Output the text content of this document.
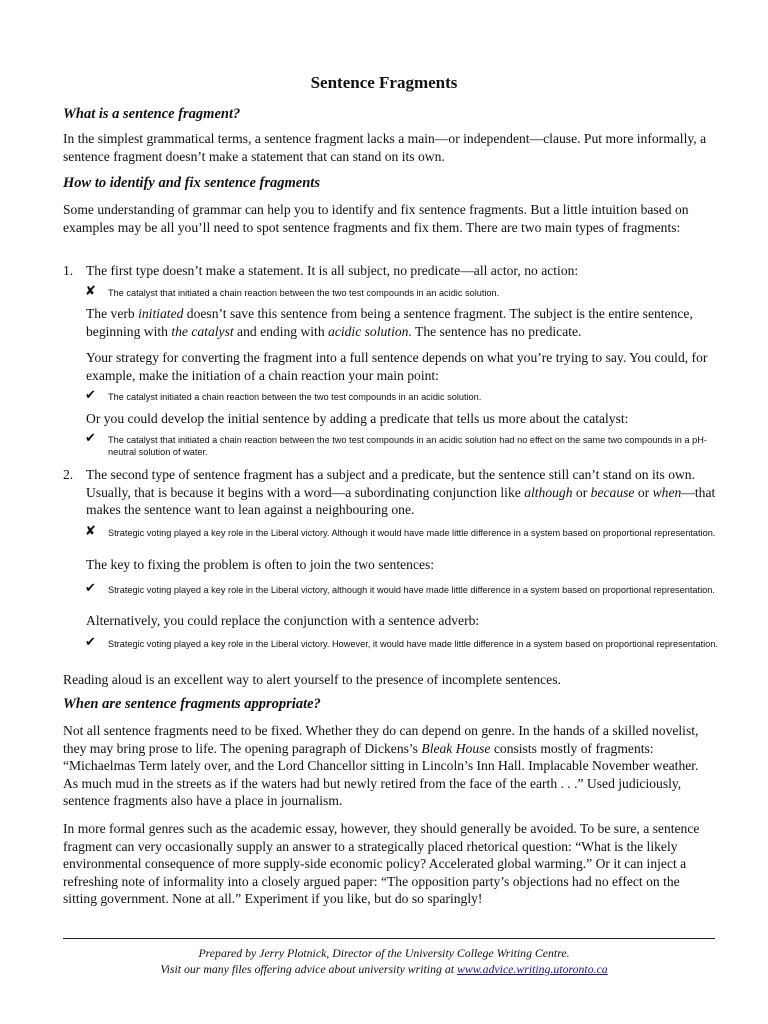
Sentence Fragments
What is a sentence fragment?

In the simplest grammatical terms, a sentence fragment lacks a main—or independent—clause. Put more informally, a sentence fragment doesn’t make a statement that can stand on its own.

How to identify and fix sentence fragments

Some understanding of grammar can help you to identify and fix sentence fragments. But a little intuition based on examples may be all you’ll need to spot sentence fragments and fix them. There are two main types of fragments:

1. The first type doesn’t make a statement. It is all subject, no predicate—all actor, no action:

✘ The catalyst that initiated a chain reaction between the two test compounds in an acidic solution.

The verb initiated doesn’t save this sentence from being a sentence fragment. The subject is the entire sentence, beginning with the catalyst and ending with acidic solution. The sentence has no predicate.

Your strategy for converting the fragment into a full sentence depends on what you’re trying to say. You could, for example, make the initiation of a chain reaction your main point:

✔ The catalyst initiated a chain reaction between the two test compounds in an acidic solution.

Or you could develop the initial sentence by adding a predicate that tells us more about the catalyst:

✔ The catalyst that initiated a chain reaction between the two test compounds in an acidic solution had no effect on the same two compounds in a pH-neutral solution of water.

2. The second type of sentence fragment has a subject and a predicate, but the sentence still can’t stand on its own. Usually, that is because it begins with a word—a subordinating conjunction like although or because or when—that makes the sentence want to lean against a neighbouring one.

✘ Strategic voting played a key role in the Liberal victory. Although it would have made little difference in a system based on proportional representation.

The key to fixing the problem is often to join the two sentences:

✔ Strategic voting played a key role in the Liberal victory, although it would have made little difference in a system based on proportional representation.

Alternatively, you could replace the conjunction with a sentence adverb:

✔ Strategic voting played a key role in the Liberal victory. However, it would have made little difference in a system based on proportional representation.

Reading aloud is an excellent way to alert yourself to the presence of incomplete sentences.

When are sentence fragments appropriate?

Not all sentence fragments need to be fixed. Whether they do can depend on genre. In the hands of a skilled novelist, they may bring prose to life. The opening paragraph of Dickens’s Bleak House consists mostly of fragments: “Michaelmas Term lately over, and the Lord Chancellor sitting in Lincoln’s Inn Hall. Implacable November weather. As much mud in the streets as if the waters had but newly retired from the face of the earth . . .” Used judiciously, sentence fragments also have a place in journalism.

In more formal genres such as the academic essay, however, they should generally be avoided. To be sure, a sentence fragment can very occasionally supply an answer to a strategically placed rhetorical question: “What is the likely environmental consequence of more supply-side economic policy? Accelerated global warming.” Or it can inject a refreshing note of informality into a closely argued paper: “The opposition party’s objections had no effect on the sitting government. None at all.” Experiment if you like, but do so sparingly!

Prepared by Jerry Plotnick, Director of the University College Writing Centre.
Visit our many files offering advice about university writing at www.advice.writing.utoronto.ca
